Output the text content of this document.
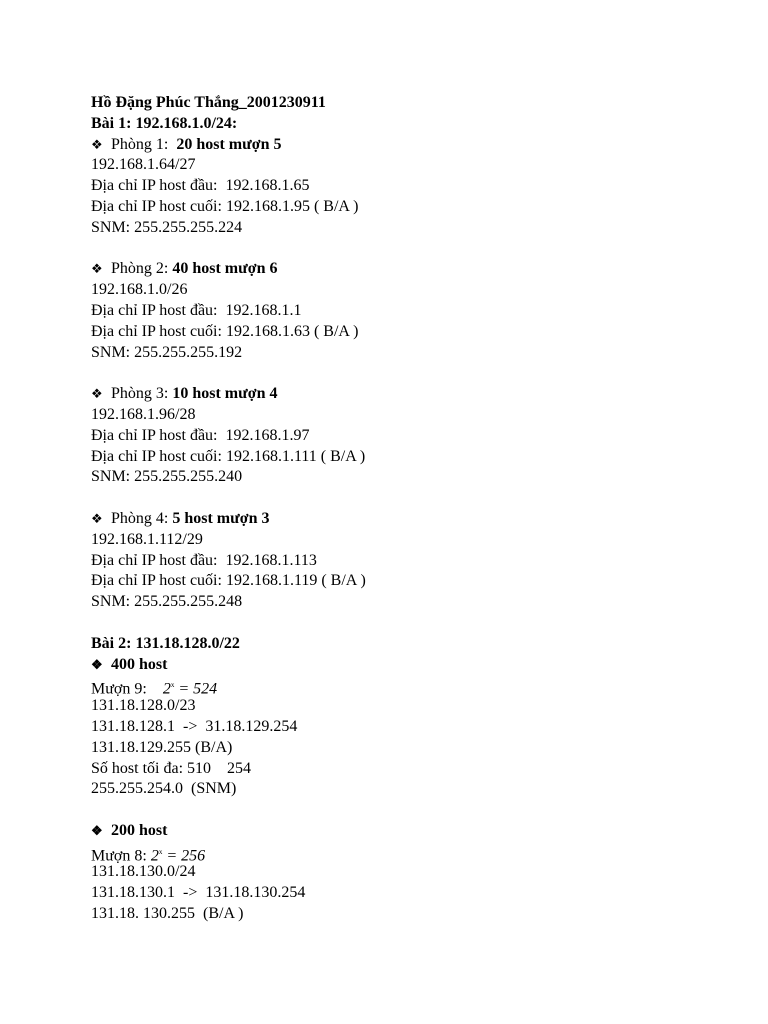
Hồ Đặng Phúc Thắng_2001230911
Bài 1: 192.168.1.0/24:
❖ Phòng 1: 20 host mượn 5
192.168.1.64/27
Địa chỉ IP host đầu:  192.168.1.65
Địa chỉ IP host cuối: 192.168.1.95 ( B/A )
SNM: 255.255.255.224
❖ Phòng 2: 40 host mượn 6
192.168.1.0/26
Địa chỉ IP host đầu:  192.168.1.1
Địa chỉ IP host cuối: 192.168.1.63 ( B/A )
SNM: 255.255.255.192
❖ Phòng 3: 10 host mượn 4
192.168.1.96/28
Địa chỉ IP host đầu:  192.168.1.97
Địa chỉ IP host cuối: 192.168.1.111 ( B/A )
SNM: 255.255.255.240
❖ Phòng 4: 5 host mượn 3
192.168.1.112/29
Địa chỉ IP host đầu:  192.168.1.113
Địa chỉ IP host cuối: 192.168.1.119 ( B/A )
SNM: 255.255.255.248
Bài 2: 131.18.128.0/22
❖ 400 host
Mượn 9:    $2^x = 524$
131.18.128.0/23
131.18.128.1  ->  31.18.129.254
131.18.129.255 (B/A)
Số host tối đa: 510    254
255.255.254.0  (SNM)
❖ 200 host
Mượn 8: $2^x = 256$
131.18.130.0/24
131.18.130.1  ->  131.18.130.254
131.18. 130.255  (B/A )
